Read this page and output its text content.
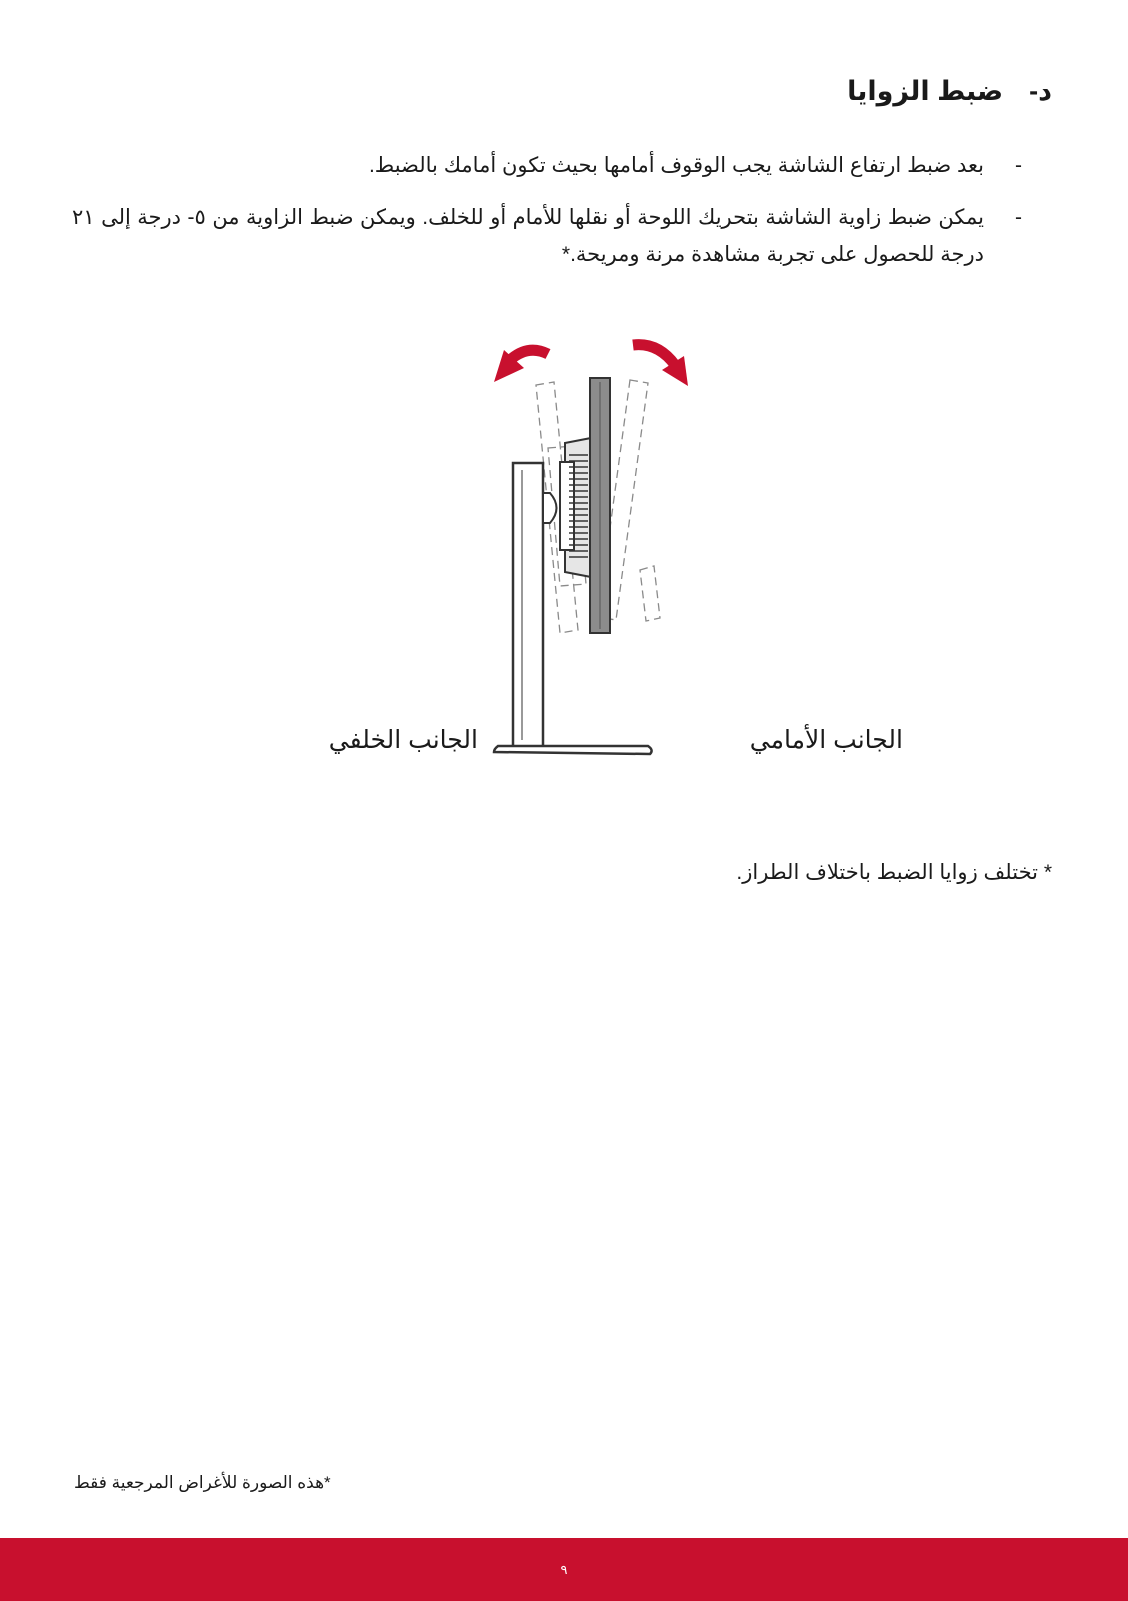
د-
ضبط الزوايا
-
بعد ضبط ارتفاع الشاشة يجب الوقوف أمامها بحيث تكون أمامك بالضبط.
-
يمكن ضبط زاوية الشاشة بتحريك اللوحة أو نقلها للأمام أو للخلف. ويمكن ضبط الزاوية من ٥- درجة إلى ٢١ درجة للحصول على تجربة مشاهدة مرنة ومريحة.*
الجانب الخلفي	الجانب الأمامي
* تختلف زوايا الضبط باختلاف الطراز.
*هذه الصورة للأغراض المرجعية فقط
٩
